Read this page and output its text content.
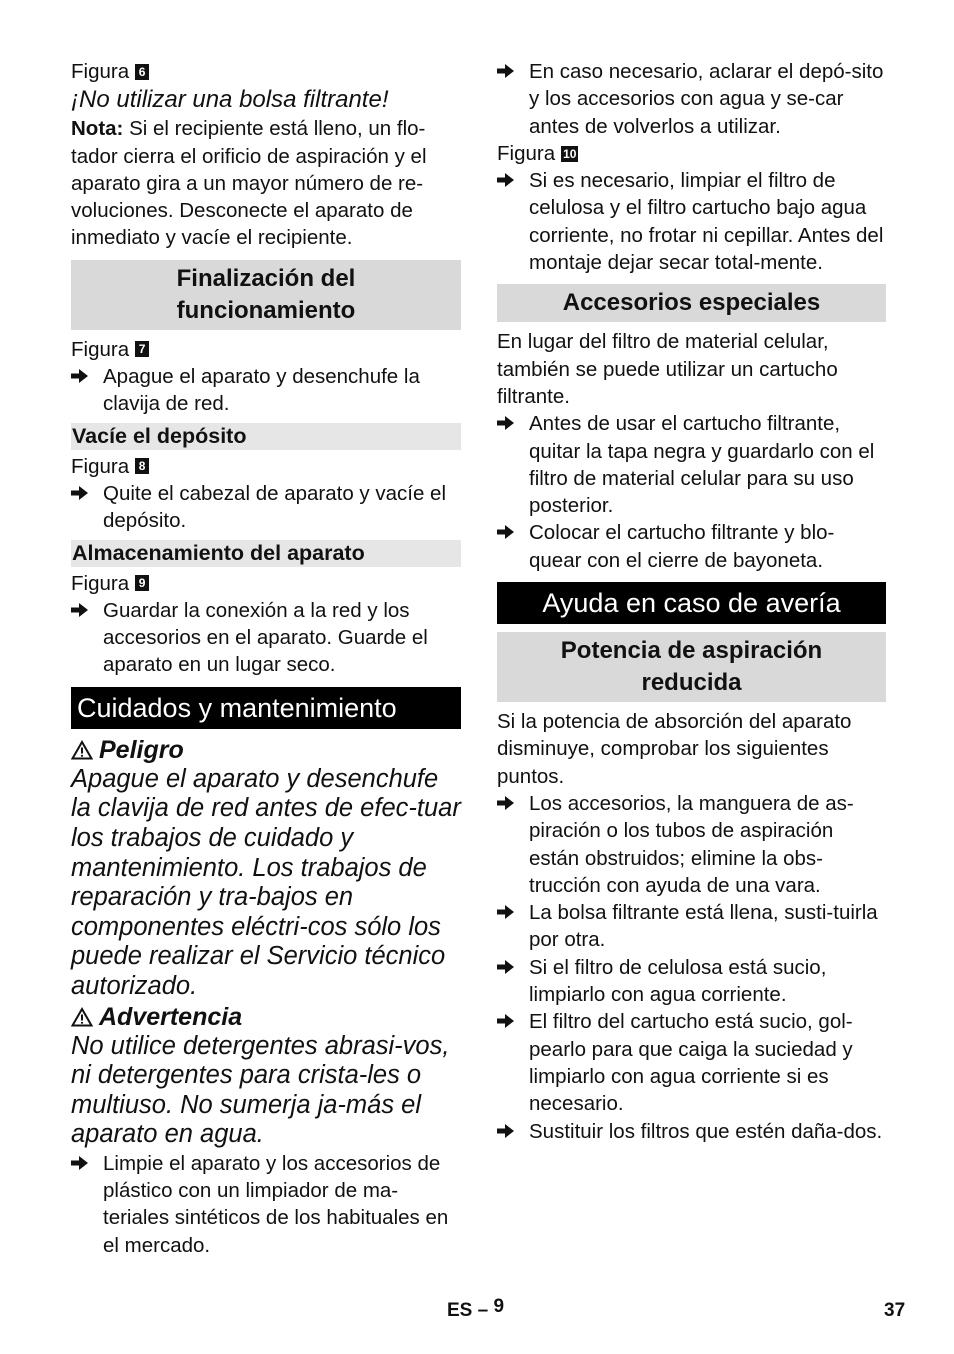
Figura 6

¡No utilizar una bolsa filtrante!

Nota: Si el recipiente está lleno, un flo-tador cierra el orificio de aspiración y el aparato gira a un mayor número de re-voluciones. Desconecte el aparato de inmediato y vacíe el recipiente.

Finalización del funcionamiento
Figura 7
Apague el aparato y desenchufe la clavija de red.
Vacíe el depósito
Figura 8
Quite el cabezal de aparato y vacíe el depósito.
Almacenamiento del aparato
Figura 9
Guardar la conexión a la red y los accesorios en el aparato. Guarde el aparato en un lugar seco.
Cuidados y mantenimiento
Peligro

Apague el aparato y desenchufe la clavija de red antes de efec-tuar los trabajos de cuidado y mantenimiento. Los trabajos de reparación y tra-bajos en componentes eléctri-cos sólo los puede realizar el Servicio técnico autorizado.

Advertencia

No utilice detergentes abrasi-vos, ni detergentes para crista-les o multiuso. No sumerja ja-más el aparato en agua.

Limpie el aparato y los accesorios de plástico con un limpiador de ma-teriales sintéticos de los habituales en el mercado.
En caso necesario, aclarar el depó-sito y los accesorios con agua y se-car antes de volverlos a utilizar.
Figura 10
Si es necesario, limpiar el filtro de celulosa y el filtro cartucho bajo agua corriente, no frotar ni cepillar. Antes del montaje dejar secar total-mente.
Accesorios especiales

En lugar del filtro de material celular, también se puede utilizar un cartucho filtrante.

Antes de usar el cartucho filtrante, quitar la tapa negra y guardarlo con el filtro de material celular para su uso posterior.
Colocar el cartucho filtrante y blo-quear con el cierre de bayoneta.
Ayuda en caso de avería
Potencia de aspiración reducida

Si la potencia de absorción del aparato disminuye, comprobar los siguientes puntos.

Los accesorios, la manguera de as-piración o los tubos de aspiración están obstruidos; elimine la obs-trucción con ayuda de una vara.
La bolsa filtrante está llena, susti-tuirla por otra.
Si el filtro de celulosa está sucio, limpiarlo con agua corriente.
El filtro del cartucho está sucio, gol-pearlo para que caiga la suciedad y limpiarlo con agua corriente si es necesario.
Sustituir los filtros que estén daña-dos.
ES – 9	37
